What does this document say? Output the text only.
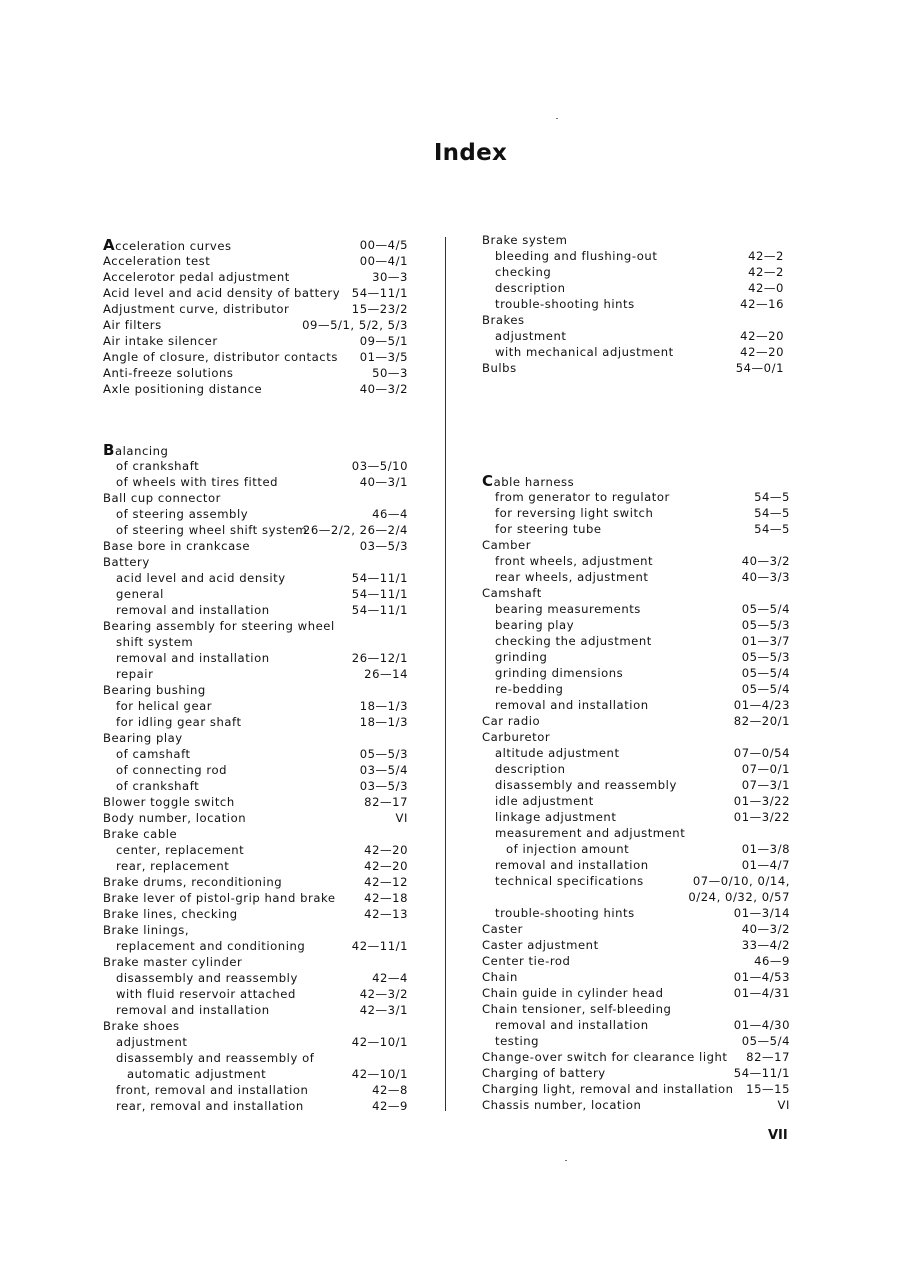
Index
Acceleration curves	00—4/5
Acceleration test	00—4/1
Accelerotor pedal adjustment	30—3
Acid level and acid density of battery 54—11/1
Adjustment curve, distributor	15—23/2
Air filters	09—5/1, 5/2, 5/3
Air intake silencer	09—5/1
Angle of closure, distributor contacts 01—3/5
Anti-freeze solutions	50—3
Axle positioning distance	40—3/2
Balancing
of crankshaft	03—5/10
of wheels with tires fitted	40—3/1
Ball cup connector
of steering assembly	46—4
of steering wheel shift system
26—2/2, 26—2/4
Base bore in crankcase	03—5/3
Battery
acid level and acid density	54—11/1
general	54—11/1
removal and installation	54—11/1
Bearing assembly for steering wheel
shift system
removal and installation	26—12/1
repair	26—14
Bearing bushing
for helical gear	18—1/3
for idling gear shaft	18—1/3
Bearing play
of camshaft	05—5/3
of connecting rod	03—5/4
of crankshaft	03—5/3
Blower toggle switch	82—17
Body number, location	VI
Brake cable
center, replacement	42—20
rear, replacement	42—20
Brake drums, reconditioning	42—12
Brake lever of pistol-grip hand brake 42—18
Brake lines, checking	42—13
Brake linings,
replacement and conditioning	42—11/1
Brake master cylinder
disassembly and reassembly	42—4
with fluid reservoir attached	42—3/2
removal and installation	42—3/1
Brake shoes
adjustment	42—10/1
disassembly and reassembly of
automatic adjustment	42—10/1
front, removal and installation	42—8
rear, removal and installation	42—9
Brake system
bleeding and flushing-out	42—2
checking	42—2
description	42—0
trouble-shooting hints	42—16
Brakes
adjustment	42—20
with mechanical adjustment	42—20
Bulbs	54—0/1
Cable harness
from generator to regulator	54—5
for reversing light switch	54—5
for steering tube	54—5
Camber
front wheels, adjustment	40—3/2
rear wheels, adjustment	40—3/3
Camshaft
bearing measurements	05—5/4
bearing play	05—5/3
checking the adjustment	01—3/7
grinding	05—5/3
grinding dimensions	05—5/4
re-bedding	05—5/4
removal and installation	01—4/23
Car radio	82—20/1
Carburetor
altitude adjustment	07—0/54
description	07—0/1
disassembly and reassembly	07—3/1
idle adjustment	01—3/22
linkage adjustment	01—3/22
measurement and adjustment
of injection amount	01—3/8
removal and installation	01—4/7
technical specifications	07—0/10, 0/14,
0/24, 0/32, 0/57
trouble-shooting hints	01—3/14
Caster	40—3/2
Caster adjustment	33—4/2
Center tie-rod	46—9
Chain	01—4/53
Chain guide in cylinder head	01—4/31
Chain tensioner, self-bleeding
removal and installation	01—4/30
testing	05—5/4
Change-over switch for clearance light 82—17
Charging of battery	54—11/1
Charging light, removal and installation 15—15
Chassis number, location	VI
VII
